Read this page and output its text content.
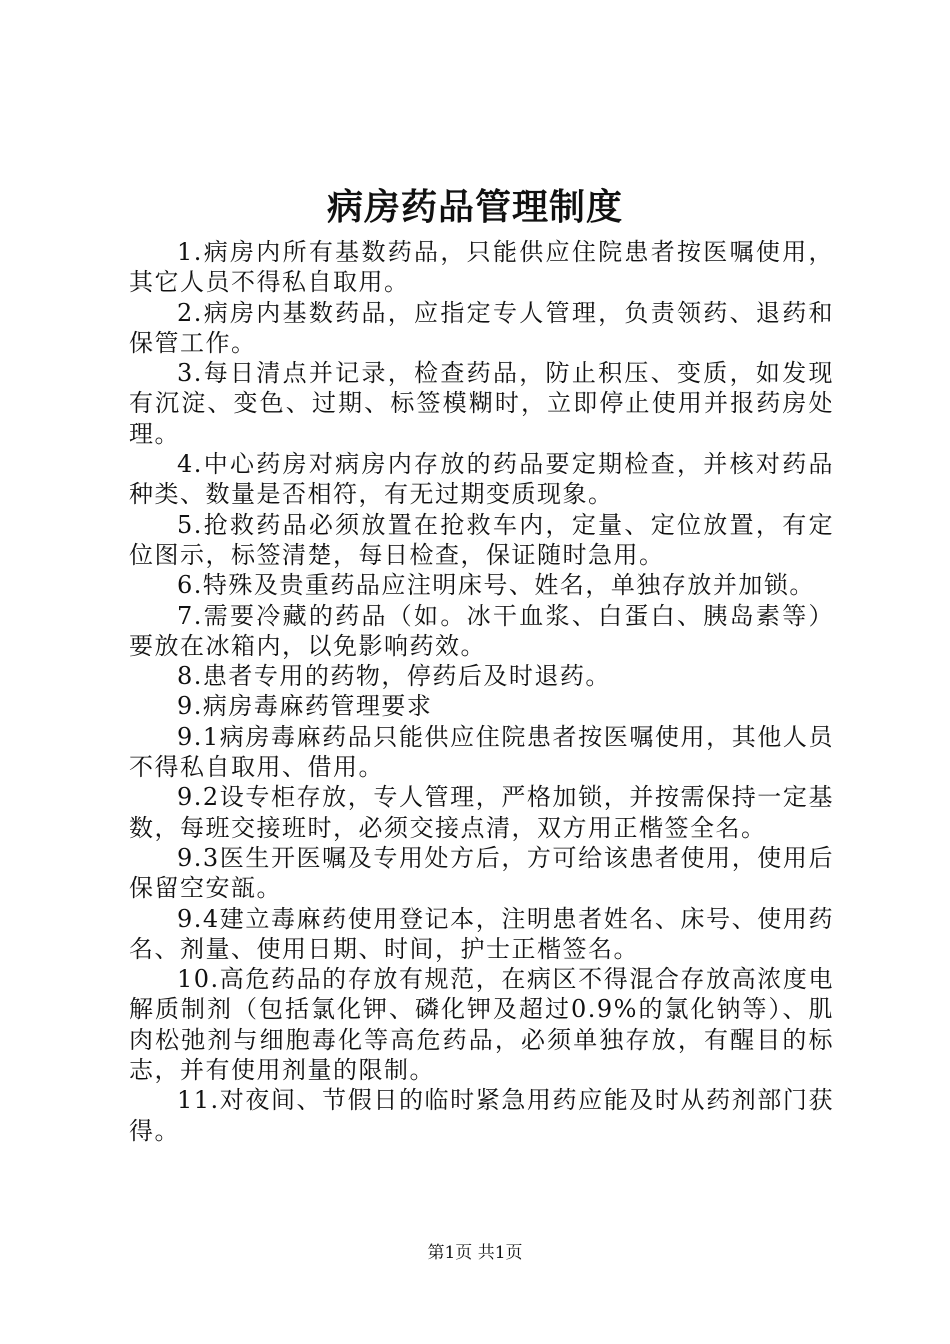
病房药品管理制度

1.病房内所有基数药品，只能供应住院患者按医嘱使用，其它人员不得私自取用。

2.病房内基数药品，应指定专人管理，负责领药、退药和保管工作。

3.每日清点并记录，检查药品，防止积压、变质，如发现有沉淀、变色、过期、标签模糊时，立即停止使用并报药房处理。

4.中心药房对病房内存放的药品要定期检查，并核对药品种类、数量是否相符，有无过期变质现象。

5.抢救药品必须放置在抢救车内，定量、定位放置，有定位图示，标签清楚，每日检查，保证随时急用。

6.特殊及贵重药品应注明床号、姓名，单独存放并加锁。

7.需要冷藏的药品（如。冰干血浆、白蛋白、胰岛素等）要放在冰箱内，以免影响药效。

8.患者专用的药物，停药后及时退药。

9.病房毒麻药管理要求

9.1病房毒麻药品只能供应住院患者按医嘱使用，其他人员不得私自取用、借用。

9.2设专柜存放，专人管理，严格加锁，并按需保持一定基数，每班交接班时，必须交接点清，双方用正楷签全名。

9.3医生开医嘱及专用处方后，方可给该患者使用，使用后保留空安瓿。

9.4建立毒麻药使用登记本，注明患者姓名、床号、使用药名、剂量、使用日期、时间，护士正楷签名。

10.高危药品的存放有规范，在病区不得混合存放高浓度电解质制剂（包括氯化钾、磷化钾及超过0.9%的氯化钠等）、肌肉松弛剂与细胞毒化等高危药品，必须单独存放，有醒目的标志，并有使用剂量的限制。

11.对夜间、节假日的临时紧急用药应能及时从药剂部门获得。

第1页 共1页
